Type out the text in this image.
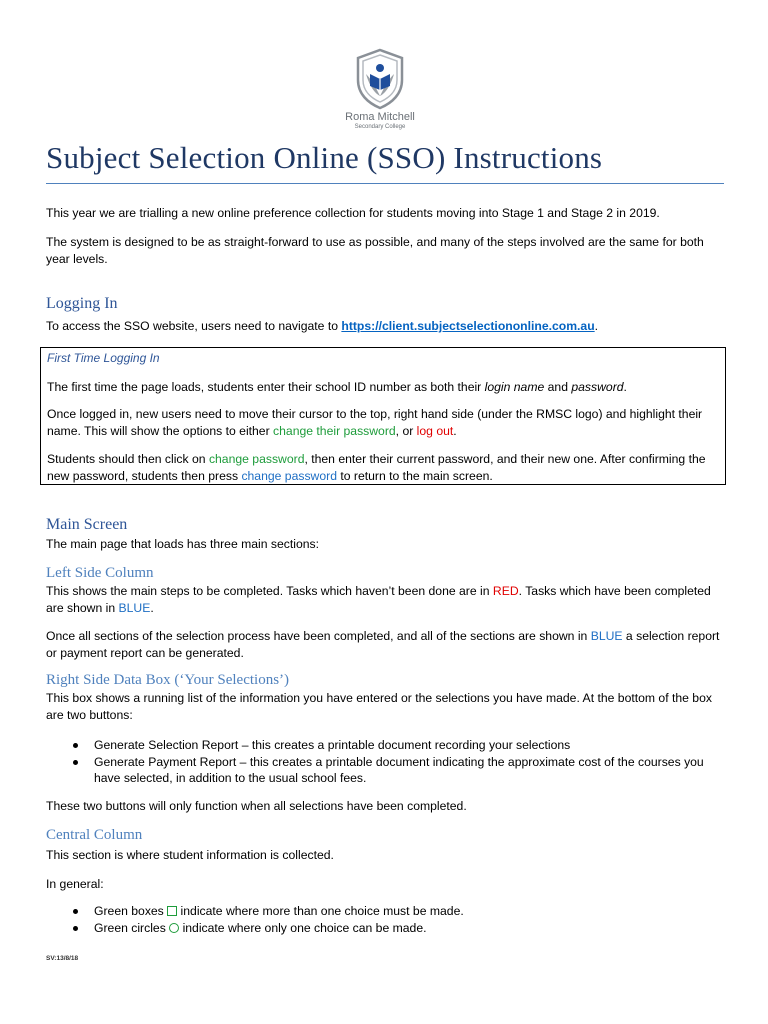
Roma Mitchell
Secondary College
Subject Selection Online (SSO) Instructions
This year we are trialling a new online preference collection for students moving into Stage 1 and Stage 2 in 2019.
The system is designed to be as straight-forward to use as possible, and many of the steps involved are the same for both year levels.
Logging In
To access the SSO website, users need to navigate to https://client.subjectselectiononline.com.au.
First Time Logging In
The first time the page loads, students enter their school ID number as both their login name and password.
Once logged in, new users need to move their cursor to the top, right hand side (under the RMSC logo) and highlight their name. This will show the options to either change their password, or log out.
Students should then click on change password, then enter their current password, and their new one. After confirming the new password, students then press change password to return to the main screen.
Main Screen
The main page that loads has three main sections:
Left Side Column
This shows the main steps to be completed. Tasks which haven’t been done are in RED. Tasks which have been completed are shown in BLUE.
Once all sections of the selection process have been completed, and all of the sections are shown in BLUE a selection report or payment report can be generated.
Right Side Data Box (‘Your Selections’)
This box shows a running list of the information you have entered or the selections you have made. At the bottom of the box are two buttons:
Generate Selection Report – this creates a printable document recording your selections
Generate Payment Report – this creates a printable document indicating the approximate cost of the courses you have selected, in addition to the usual school fees.
These two buttons will only function when all selections have been completed.
Central Column
This section is where student information is collected.
In general:
Green boxes  indicate where more than one choice must be made.
Green circles  indicate where only one choice can be made.
SV:13/8/18
